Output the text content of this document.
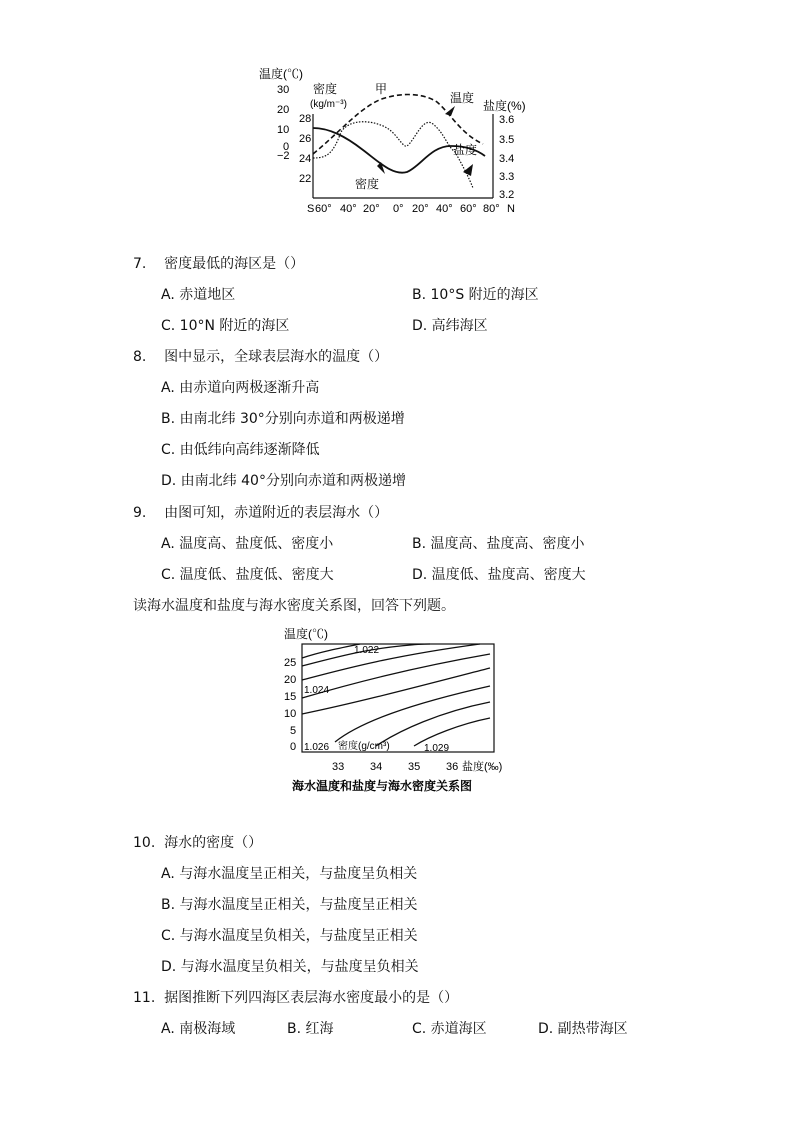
温度(℃)
密度
(kg/m⁻³)
甲
温度
盐度(%)
30
20
10
0
−2
28
26
24
22
3.6
3.5
3.4
3.3
3.2
S 60° 40° 20° 0° 20° 40° 60° 80° N
盐度
密度
7. 密度最低的海区是（）
A. 赤道地区	B. 10°S 附近的海区
C. 10°N 附近的海区	D. 高纬海区
8. 图中显示，全球表层海水的温度（）
A. 由赤道向两极逐渐升高
B. 由南北纬 30°分别向赤道和两极递增
C. 由低纬向高纬逐渐降低
D. 由南北纬 40°分别向赤道和两极递增
9. 由图可知，赤道附近的表层海水（）
A. 温度高、盐度低、密度小	B. 温度高、盐度高、密度小
C. 温度低、盐度低、密度大	D. 温度低、盐度高、密度大
读海水温度和盐度与海水密度关系图，回答下列题。
温度(℃)
25
20
15
10
5
0
33 34 35 36 盐度(‰)
1.022
1.024
1.026 密度(g/cm³)	1.029
海水温度和盐度与海水密度关系图
10. 海水的密度（）
A. 与海水温度呈正相关，与盐度呈负相关
B. 与海水温度呈正相关，与盐度呈正相关
C. 与海水温度呈负相关，与盐度呈正相关
D. 与海水温度呈负相关，与盐度呈负相关
11. 据图推断下列四海区表层海水密度最小的是（）
A. 南极海域	B. 红海	C. 赤道海区	D. 副热带海区
